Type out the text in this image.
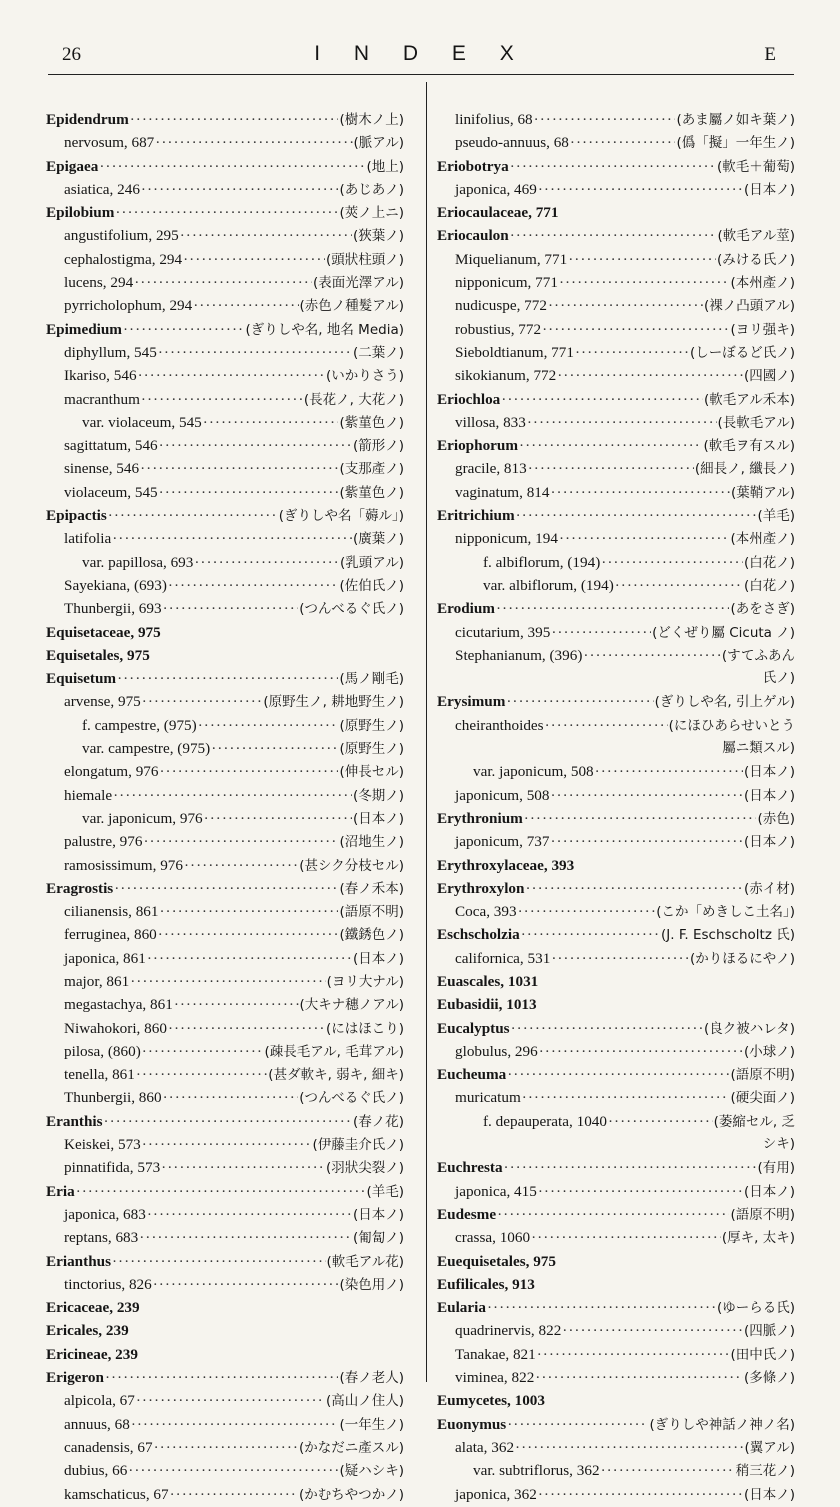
26	I N D E X	E
Epidendrum ·····	(樹木ノ上)
nervosum, 687 ·····	(脈アル)
Epigaea ·····	(地上)
asiatica, 246 ·····	(あじあノ)
Epilobium ·····	(莢ノ上ニ)
angustifolium, 295 ·····	(狹葉ノ)
cephalostigma, 294 ·····	(頭狀柱頭ノ)
lucens, 294 ·····	(表面光澤アル)
pyrricholophum, 294 ·····	(赤色ノ種髮アル)
Epimedium ·····	(ぎりしや名, 地名 Media)
diphyllum, 545 ·····	(二葉ノ)
Ikariso, 546 ·····	(いかりさう)
macranthum ·····	(長花ノ, 大花ノ)
var. violaceum, 545 ·····	(紫菫色ノ)
sagittatum, 546 ·····	(箭形ノ)
sinense, 546 ·····	(支那產ノ)
violaceum, 545 ·····	(紫菫色ノ)
Epipactis ·····	(ぎりしや名「薅ル」)
latifolia ·····	(廣葉ノ)
var. papillosa, 693 ·····	(乳頭アル)
Sayekiana, (693) ·····	(佐伯氏ノ)
Thunbergii, 693 ·····	(つんべるぐ氏ノ)
Equisetaceae, 975
Equisetales, 975
Equisetum ·····	(馬ノ剛毛)
arvense, 975 ·····	(原野生ノ, 耕地野生ノ)
f. campestre, (975) ·····	(原野生ノ)
var. campestre, (975) ·····	(原野生ノ)
elongatum, 976 ·····	(伸長セル)
hiemale ·····	(冬期ノ)
var. japonicum, 976 ·····	(日本ノ)
palustre, 976 ·····	(沼地生ノ)
ramosissimum, 976 ·····	(甚シク分枝セル)
Eragrostis ·····	(春ノ禾本)
cilianensis, 861 ·····	(語原不明)
ferruginea, 860 ·····	(鐵銹色ノ)
japonica, 861 ·····	(日本ノ)
major, 861 ·····	(ヨリ大ナル)
megastachya, 861 ·····	(大キナ穗ノアル)
Niwahokori, 860 ·····	(にはほこり)
pilosa, (860) ·····	(疎長毛アル, 毛茸アル)
tenella, 861 ·····	(甚ダ軟キ, 弱キ, 細キ)
Thunbergii, 860 ·····	(つんべるぐ氏ノ)
Eranthis ·····	(春ノ花)
Keiskei, 573 ·····	(伊藤圭介氏ノ)
pinnatifida, 573 ·····	(羽狀尖裂ノ)
Eria ·····	(羊毛)
japonica, 683 ·····	(日本ノ)
reptans, 683 ·····	(匍匐ノ)
Erianthus ·····	(軟毛アル花)
tinctorius, 826 ·····	(染色用ノ)
Ericaceae, 239
Ericales, 239
Ericineae, 239
Erigeron ·····	(春ノ老人)
alpicola, 67 ·····	(高山ノ住人)
annuus, 68 ·····	(一年生ノ)
canadensis, 67 ·····	(かなだニ產スル)
dubius, 66 ·····	(疑ハシキ)
kamschaticus, 67 ·····	(かむちやつかノ)
linifolius, 68 ·····	(あま屬ノ如キ葉ノ)
pseudo-annuus, 68 ·····	(僞「擬」一年生ノ)
Eriobotrya ·····	(軟毛＋葡萄)
japonica, 469 ·····	(日本ノ)
Eriocaulaceae, 771
Eriocaulon ·····	(軟毛アル莖)
Miquelianum, 771 ·····	(みける氏ノ)
nipponicum, 771 ·····	(本州產ノ)
nudicuspe, 772 ·····	(裸ノ凸頭アル)
robustius, 772 ·····	(ヨリ强キ)
Sieboldtianum, 771 ·····	(しーぼるど氏ノ)
sikokianum, 772 ·····	(四國ノ)
Eriochloa ·····	(軟毛アル禾本)
villosa, 833 ·····	(長軟毛アル)
Eriophorum ·····	(軟毛ヲ有スル)
gracile, 813 ·····	(細長ノ, 纖長ノ)
vaginatum, 814 ·····	(葉鞘アル)
Eritrichium ·····	(羊毛)
nipponicum, 194 ·····	(本州產ノ)
f. albiflorum, (194) ·····	(白花ノ)
var. albiflorum, (194) ·····	(白花ノ)
Erodium ·····	(あをさぎ)
cicutarium, 395 ·····	(どくぜり屬 Cicuta ノ)
Stephanianum, (396) ·····	(すてふあん
氏ノ)
Erysimum ·····	(ぎりしや名, 引上ゲル)
cheiranthoides ·····	(にほひあらせいとう
屬ニ類スル)
var. japonicum, 508 ·····	(日本ノ)
japonicum, 508 ·····	(日本ノ)
Erythronium ·····	(赤色)
japonicum, 737 ·····	(日本ノ)
Erythroxylaceae, 393
Erythroxylon ·····	(赤イ材)
Coca, 393 ·····	(こか「めきしこ土名」)
Eschscholzia ·····	(J. F. Eschscholtz 氏)
californica, 531 ·····	(かりほるにやノ)
Euascales, 1031
Eubasidii, 1013
Eucalyptus ·····	(良ク被ハレタ)
globulus, 296 ·····	(小球ノ)
Eucheuma ·····	(語原不明)
muricatum ·····	(硬尖面ノ)
f. depauperata, 1040 ·····	(萎縮セル, 乏
シキ)
Euchresta ·····	(有用)
japonica, 415 ·····	(日本ノ)
Eudesme ·····	(語原不明)
crassa, 1060 ·····	(厚キ, 太キ)
Euequisetales, 975
Eufilicales, 913
Eularia ·····	(ゆーらる氏)
quadrinervis, 822 ·····	(四脈ノ)
Tanakae, 821 ·····	(田中氏ノ)
viminea, 822 ·····	(多條ノ)
Eumycetes, 1003
Euonymus ·····	(ぎりしや神話ノ神ノ名)
alata, 362 ·····	(翼アル)
var. subtriflorus, 362 ·····	稍三花ノ)
japonica, 362 ·····	(日本ノ)
